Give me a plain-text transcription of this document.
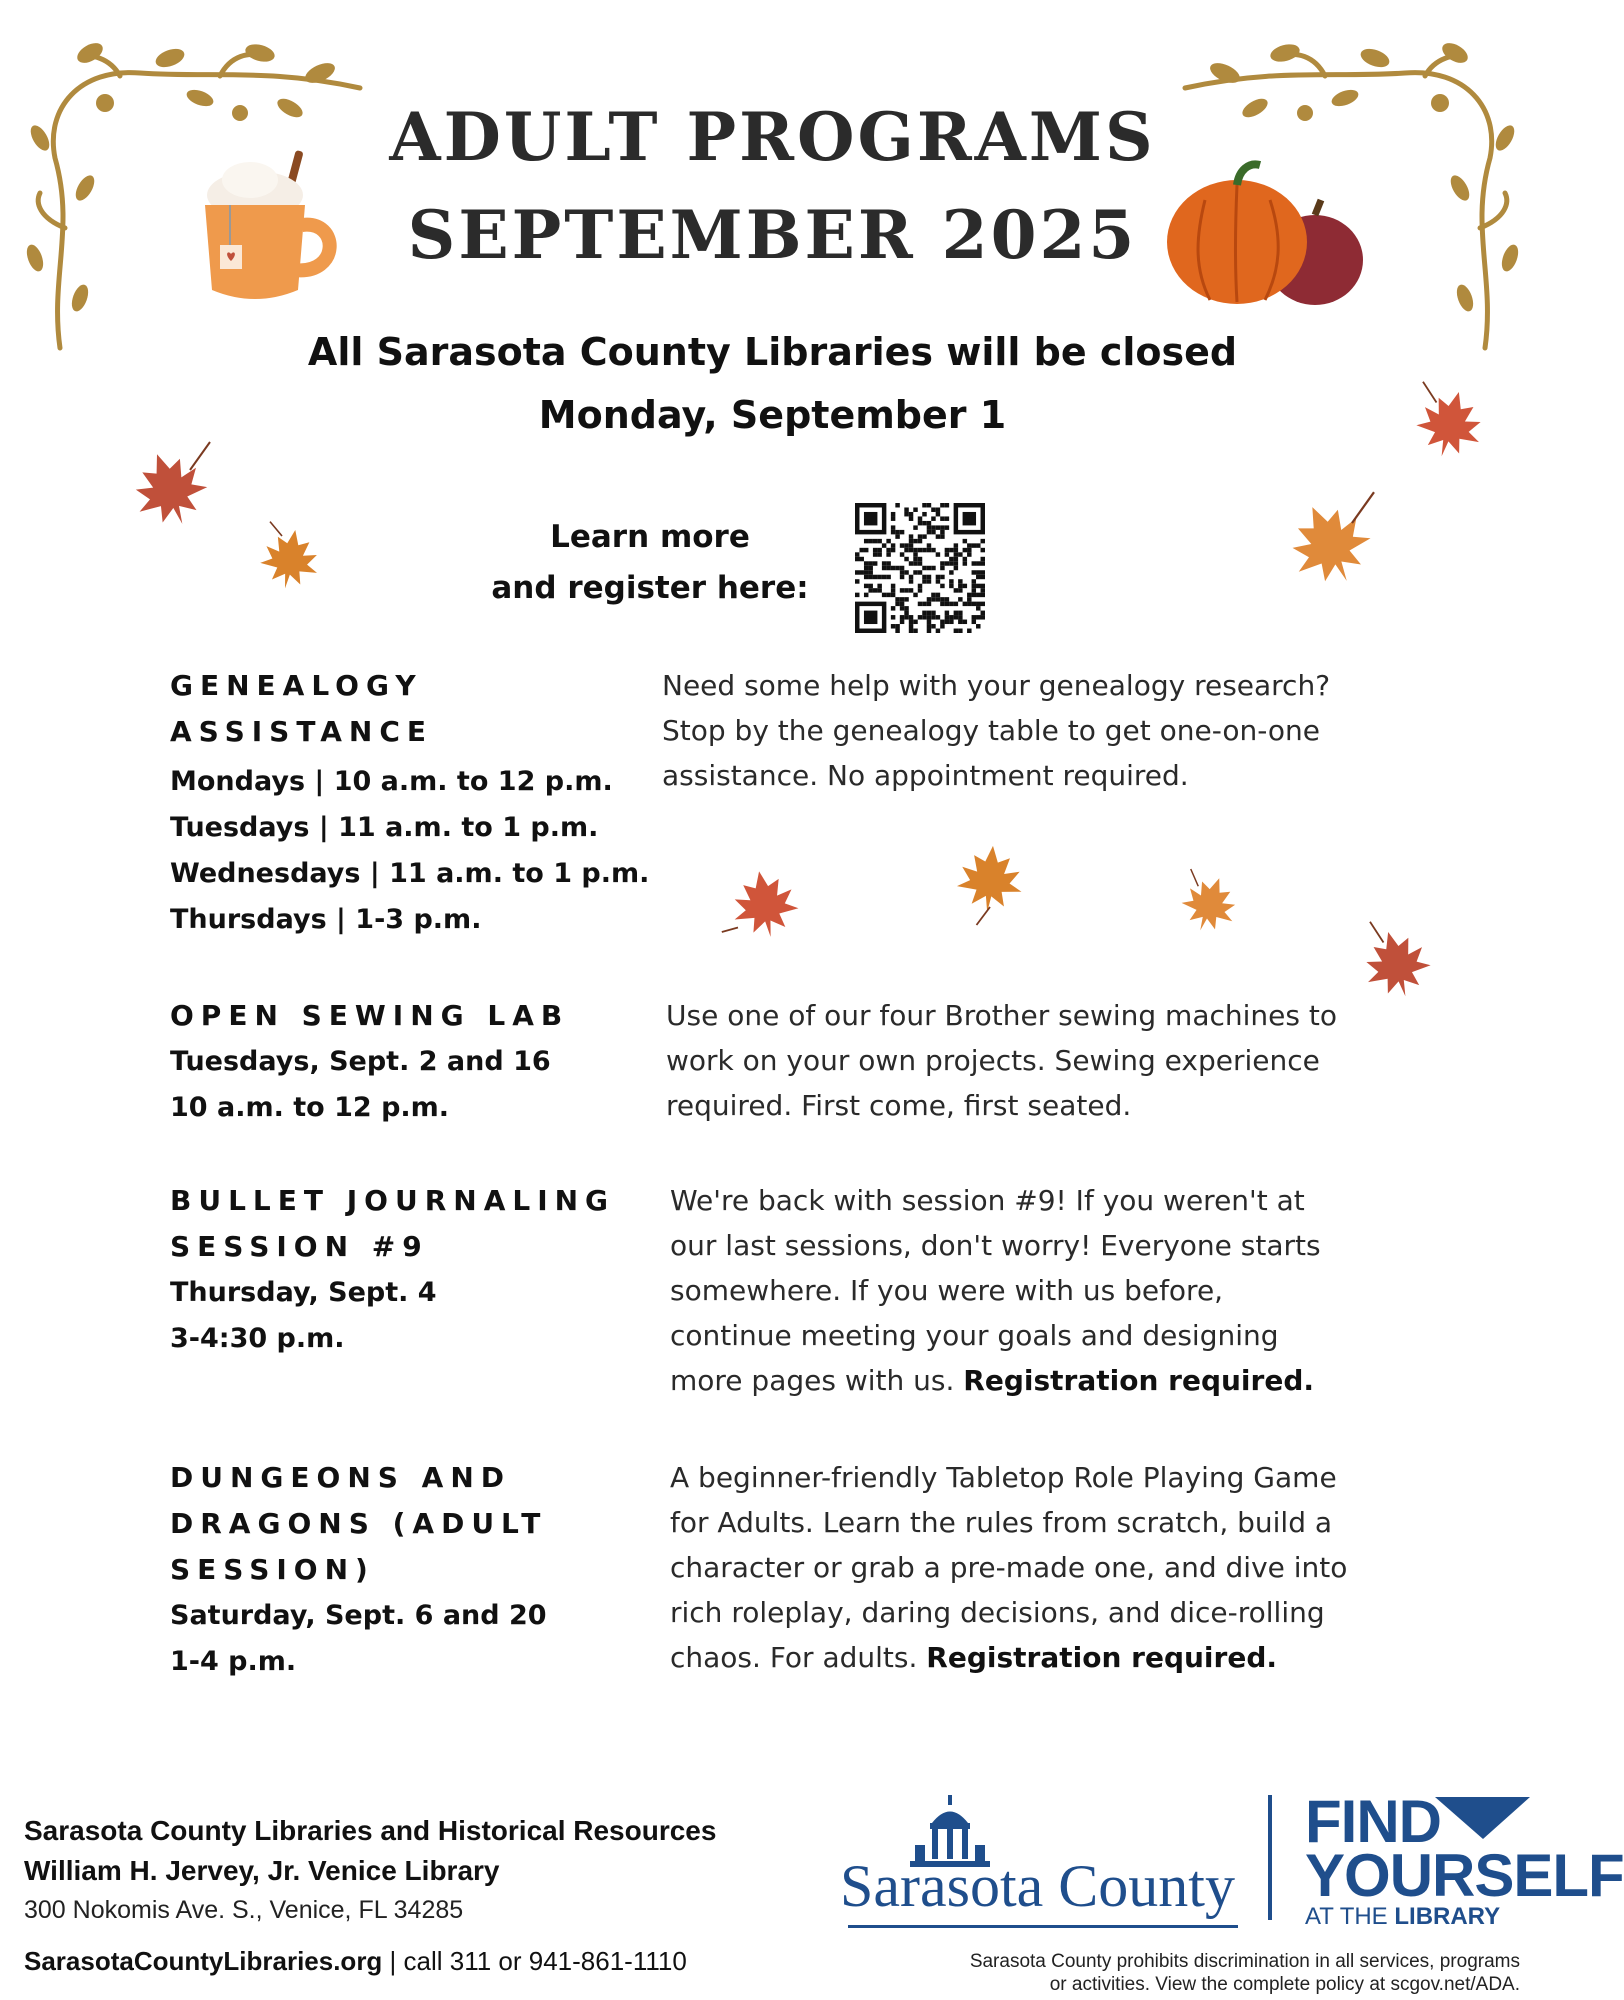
ADULT PROGRAMS
SEPTEMBER 2025
All Sarasota County Libraries will be closed
Monday, September 1
Learn more
and register here:
GENEALOGY
ASSISTANCE
Mondays | 10 a.m. to 12 p.m.
Tuesdays | 11 a.m. to 1 p.m.
Wednesdays | 11 a.m. to 1 p.m.
Thursdays | 1-3 p.m.
Need some help with your genealogy research? Stop by the genealogy table to get one-on-one assistance. No appointment required.
OPEN SEWING LAB
Tuesdays, Sept. 2 and 16
10 a.m. to 12 p.m.
Use one of our four Brother sewing machines to work on your own projects. Sewing experience required. First come, first seated.
BULLET JOURNALING
SESSION #9
Thursday, Sept. 4
3-4:30 p.m.
We're back with session #9! If you weren't at our last sessions, don't worry! Everyone starts somewhere. If you were with us before, continue meeting your goals and designing more pages with us. Registration required.
DUNGEONS AND
DRAGONS (ADULT
SESSION)
Saturday, Sept. 6 and 20
1-4 p.m.
A beginner-friendly Tabletop Role Playing Game for Adults. Learn the rules from scratch, build a character or grab a pre-made one, and dive into rich roleplay, daring decisions, and dice-rolling chaos. For adults. Registration required.
Sarasota County Libraries and Historical Resources
William H. Jervey, Jr. Venice Library
300 Nokomis Ave. S., Venice, FL 34285
SarasotaCountyLibraries.org | call 311 or 941-861-1110
Sarasota County
FIND
YOURSELF
AT THE LIBRARY
Sarasota County prohibits discrimination in all services, programs
or activities. View the complete policy at scgov.net/ADA.
